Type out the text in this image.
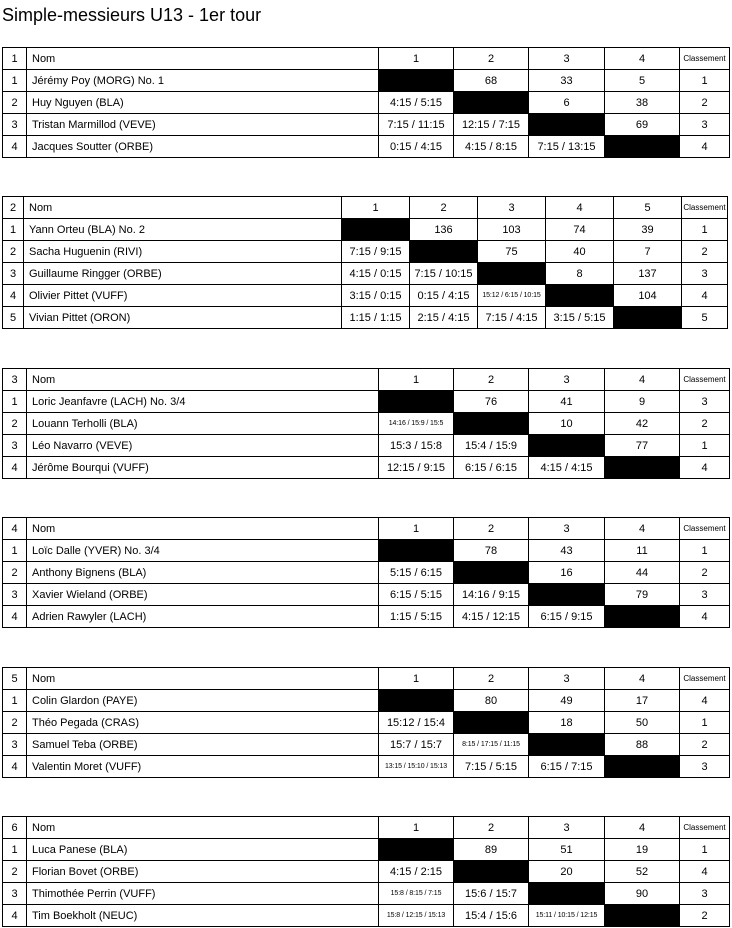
Simple-messieurs U13 - 1er tour
1	Nom	1	2	3	4	Classement
1	Jérémy Poy (MORG) No. 1		68	33	5	1
2	Huy Nguyen (BLA)	4:15 / 5:15		6	38	2
3	Tristan Marmillod (VEVE)	7:15 / 11:15	12:15 / 7:15		69	3
4	Jacques Soutter (ORBE)	0:15 / 4:15	4:15 / 8:15	7:15 / 13:15		4
2	Nom	1	2	3	4	5	Classement
1	Yann Orteu (BLA) No. 2		136	103	74	39	1
2	Sacha Huguenin (RIVI)	7:15 / 9:15		75	40	7	2
3	Guillaume Ringger (ORBE)	4:15 / 0:15	7:15 / 10:15		8	137	3
4	Olivier Pittet (VUFF)	3:15 / 0:15	0:15 / 4:15	15:12 / 6:15 / 10:15		104	4
5	Vivian Pittet (ORON)	1:15 / 1:15	2:15 / 4:15	7:15 / 4:15	3:15 / 5:15		5
3	Nom	1	2	3	4	Classement
1	Loric Jeanfavre (LACH) No. 3/4		76	41	9	3
2	Louann Terholli (BLA)	14:16 / 15:9 / 15:5		10	42	2
3	Léo Navarro (VEVE)	15:3 / 15:8	15:4 / 15:9		77	1
4	Jérôme Bourqui (VUFF)	12:15 / 9:15	6:15 / 6:15	4:15 / 4:15		4
4	Nom	1	2	3	4	Classement
1	Loïc Dalle (YVER) No. 3/4		78	43	11	1
2	Anthony Bignens (BLA)	5:15 / 6:15		16	44	2
3	Xavier Wieland (ORBE)	6:15 / 5:15	14:16 / 9:15		79	3
4	Adrien Rawyler (LACH)	1:15 / 5:15	4:15 / 12:15	6:15 / 9:15		4
5	Nom	1	2	3	4	Classement
1	Colin Glardon (PAYE)		80	49	17	4
2	Théo Pegada (CRAS)	15:12 / 15:4		18	50	1
3	Samuel Teba (ORBE)	15:7 / 15:7	8:15 / 17:15 / 11:15		88	2
4	Valentin Moret (VUFF)	13:15 / 15:10 / 15:13	7:15 / 5:15	6:15 / 7:15		3
6	Nom	1	2	3	4	Classement
1	Luca Panese (BLA)		89	51	19	1
2	Florian Bovet (ORBE)	4:15 / 2:15		20	52	4
3	Thimothée Perrin (VUFF)	15:8 / 8:15 / 7:15	15:6 / 15:7		90	3
4	Tim Boekholt (NEUC)	15:8 / 12:15 / 15:13	15:4 / 15:6	15:11 / 10:15 / 12:15		2
